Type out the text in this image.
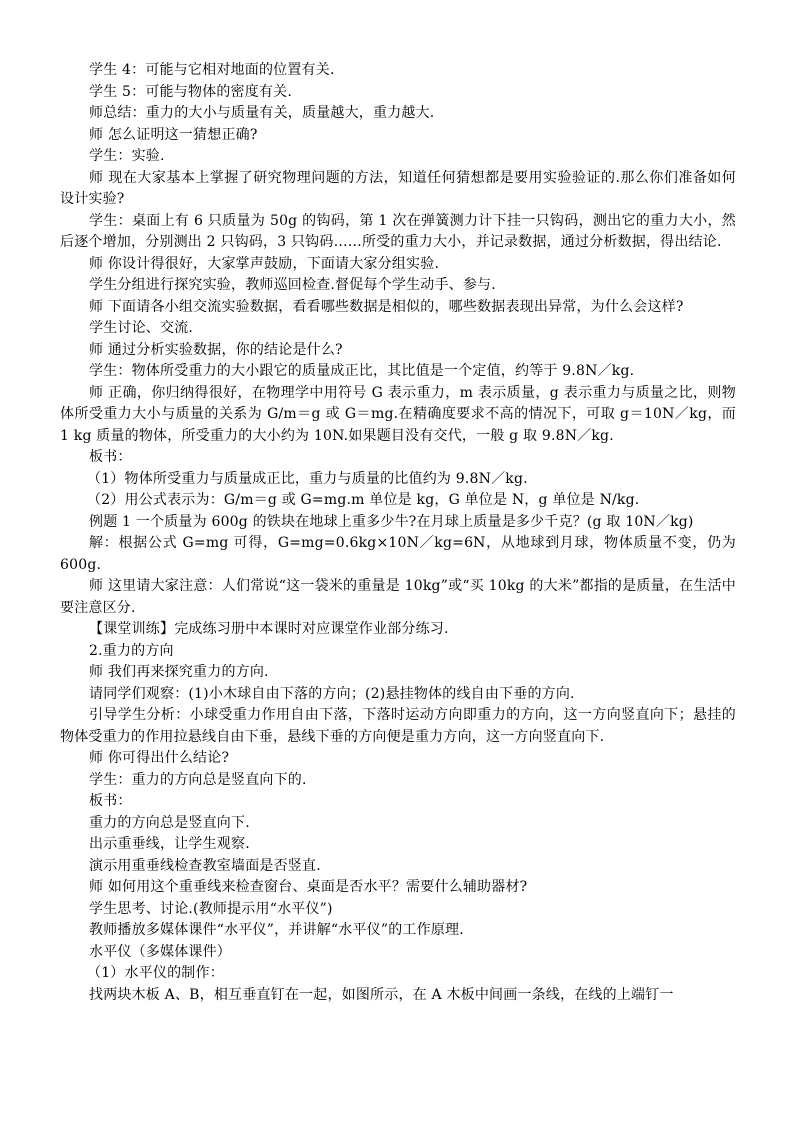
学生 4：可能与它相对地面的位置有关.

学生 5：可能与物体的密度有关.

师总结：重力的大小与质量有关，质量越大，重力越大.

师 怎么证明这一猜想正确?

学生：实验.

师 现在大家基本上掌握了研究物理问题的方法，知道任何猜想都是要用实验验证的.那么你们准备如何设计实验?

学生：桌面上有 6 只质量为 50g 的钩码，第 1 次在弹簧测力计下挂一只钩码，测出它的重力大小，然后逐个增加，分别测出 2 只钩码，3 只钩码……所受的重力大小，并记录数据，通过分析数据，得出结论.

师 你设计得很好，大家掌声鼓励，下面请大家分组实验.

学生分组进行探究实验，教师巡回检查.督促每个学生动手、参与.

师 下面请各小组交流实验数据，看看哪些数据是相似的，哪些数据表现出异常，为什么会这样?

学生讨论、交流.

师 通过分析实验数据，你的结论是什么?

学生：物体所受重力的大小跟它的质量成正比，其比值是一个定值，约等于 9.8N／kg.

师 正确，你归纳得很好，在物理学中用符号 G 表示重力，m 表示质量，g 表示重力与质量之比，则物体所受重力大小与质量的关系为 G/m＝g 或 G＝mg.在精确度要求不高的情况下，可取 g＝10N／kg，而 1 kg 质量的物体，所受重力的大小约为 10N.如果题目没有交代，一般 g 取 9.8N／kg.

板书：

（1）物体所受重力与质量成正比，重力与质量的比值约为 9.8N／kg.

（2）用公式表示为：G/m＝g 或 G=mg.m 单位是 kg，G 单位是 N，g 单位是 N/kg.

例题 1 一个质量为 600g 的铁块在地球上重多少牛?在月球上质量是多少千克？(g 取 10N／kg)

解：根据公式 G=mg 可得，G=mg=0.6kg×10N／kg=6N，从地球到月球，物体质量不变，仍为 600g.

师 这里请大家注意：人们常说“这一袋米的重量是 10kg”或“买 10kg 的大米”都指的是质量，在生活中要注意区分.

【课堂训练】完成练习册中本课时对应课堂作业部分练习.

2.重力的方向

师 我们再来探究重力的方向.

请同学们观察：(1)小木球自由下落的方向；(2)悬挂物体的线自由下垂的方向.

引导学生分析：小球受重力作用自由下落，下落时运动方向即重力的方向，这一方向竖直向下；悬挂的物体受重力的作用拉悬线自由下垂，悬线下垂的方向便是重力方向，这一方向竖直向下.

师 你可得出什么结论?

学生：重力的方向总是竖直向下的.

板书：

重力的方向总是竖直向下.

出示重垂线，让学生观察.

演示用重垂线检查教室墙面是否竖直.

师 如何用这个重垂线来检查窗台、桌面是否水平？需要什么辅助器材?

学生思考、讨论.(教师提示用“水平仪”)

教师播放多媒体课件“水平仪”，并讲解“水平仪”的工作原理.

水平仪（多媒体课件）

（1）水平仪的制作：

找两块木板 A、B，相互垂直钉在一起，如图所示，在 A 木板中间画一条线，在线的上端钉一
